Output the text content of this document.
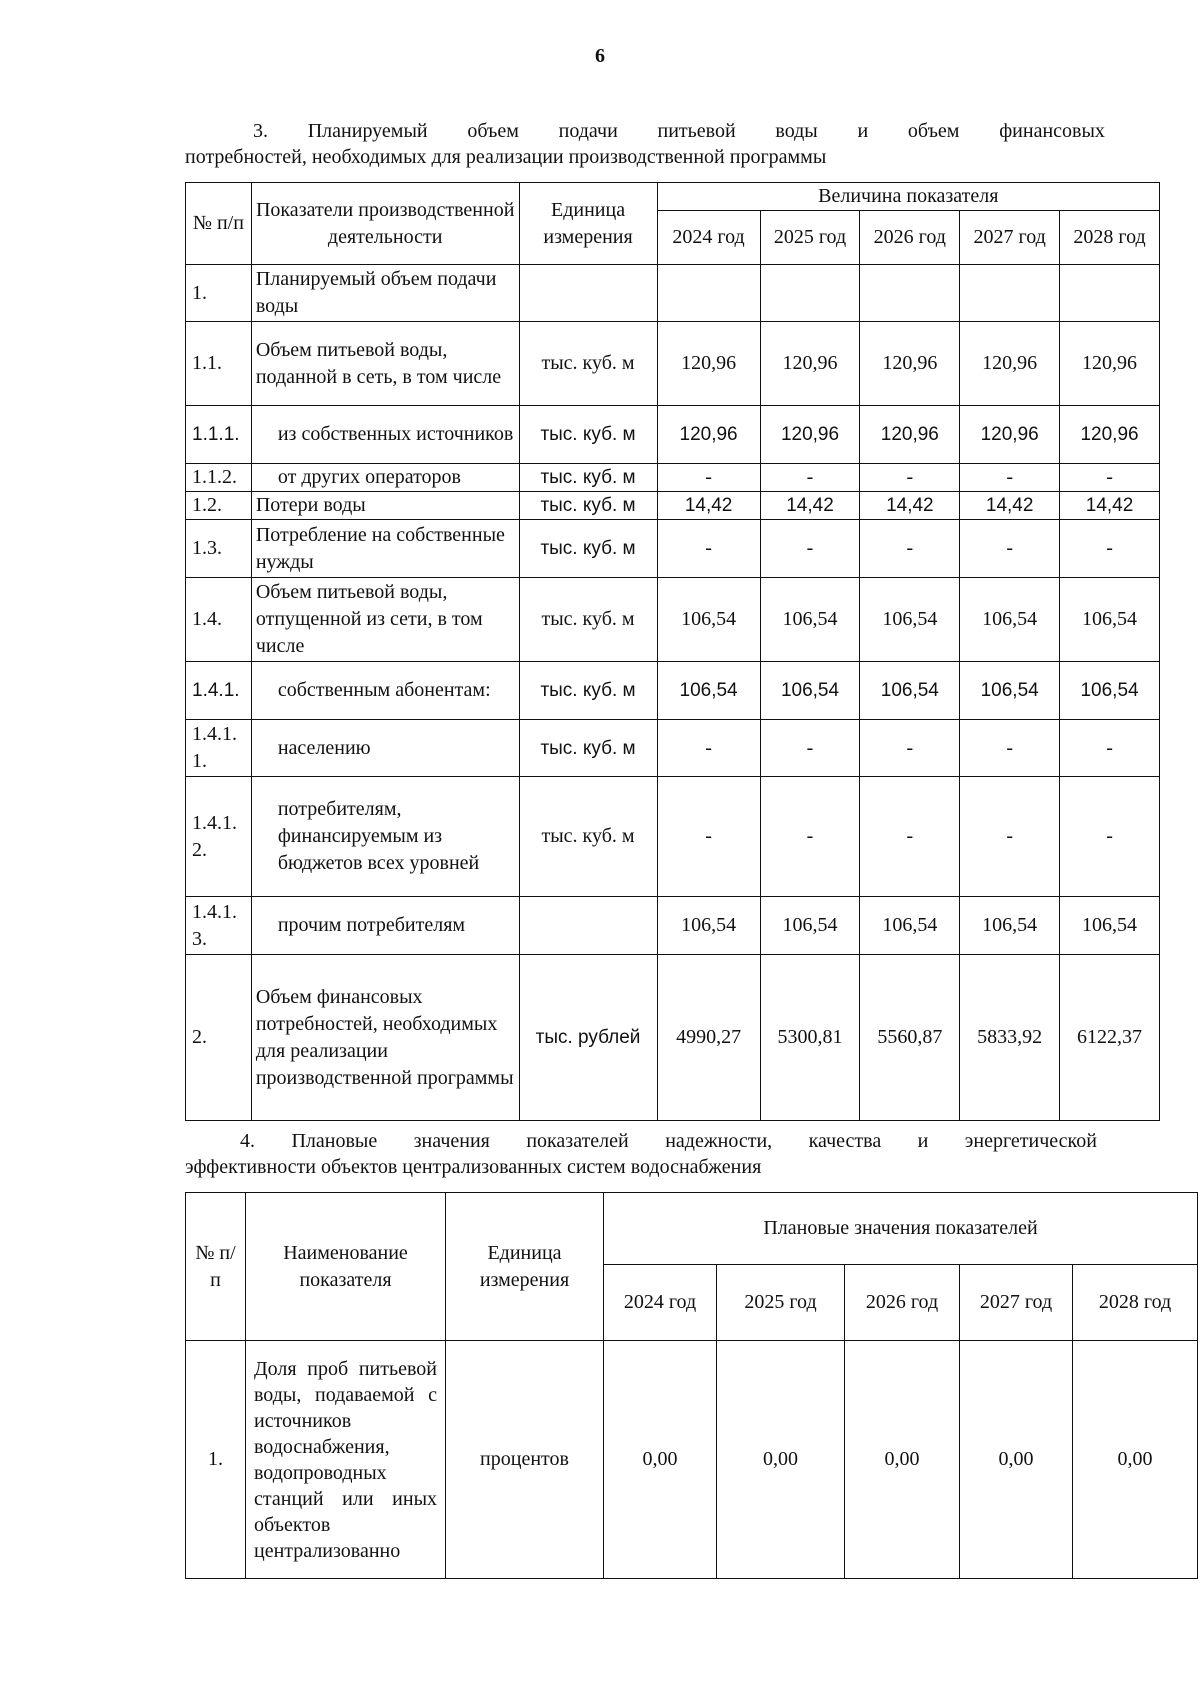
6
3. Планируемый объем подачи питьевой воды и объем финансовых
потребностей, необходимых для реализации производственной программы
№ п/п	Показатели производственной деятельности	Единица измерения	Величина показателя				
			2024 год	2025 год	2026 год	2027 год	2028 год
1.	Планируемый объем подачи воды						
1.1.	Объем питьевой воды, поданной в сеть, в том числе	тыс. куб. м	120,96	120,96	120,96	120,96	120,96
1.1.1.	из собственных источников	тыс. куб. м	120,96	120,96	120,96	120,96	120,96
1.1.2.	от других операторов	тыс. куб. м	-	-	-	-	-
1.2.	Потери воды	тыс. куб. м	14,42	14,42	14,42	14,42	14,42
1.3.	Потребление на собственные нужды	тыс. куб. м	-	-	-	-	-
1.4.	Объем питьевой воды, отпущенной из сети, в том числе	тыс. куб. м	106,54	106,54	106,54	106,54	106,54
1.4.1.	собственным абонентам:	тыс. куб. м	106,54	106,54	106,54	106,54	106,54
1.4.1. 1.	населению	тыс. куб. м	-	-	-	-	-
1.4.1. 2.	потребителям, финансируемым из бюджетов всех уровней	тыс. куб. м	-	-	-	-	-
1.4.1. 3.	прочим потребителям		106,54	106,54	106,54	106,54	106,54
2.	Объем финансовых потребностей, необходимых для реализации производственной программы	тыс. рублей	4990,27	5300,81	5560,87	5833,92	6122,37
4. Плановые значения показателей надежности, качества и энергетической
эффективности объектов централизованных систем водоснабжения
№ п/п	Наименование показателя	Единица измерения	Плановые значения показателей				
			2024 год	2025 год	2026 год	2027 год	2028 год
1.	Доля проб питьевой воды, подаваемой с источников водоснабжения, водопроводных станций или иных объектов централизованно	процентов	0,00	0,00	0,00	0,00	0,00
